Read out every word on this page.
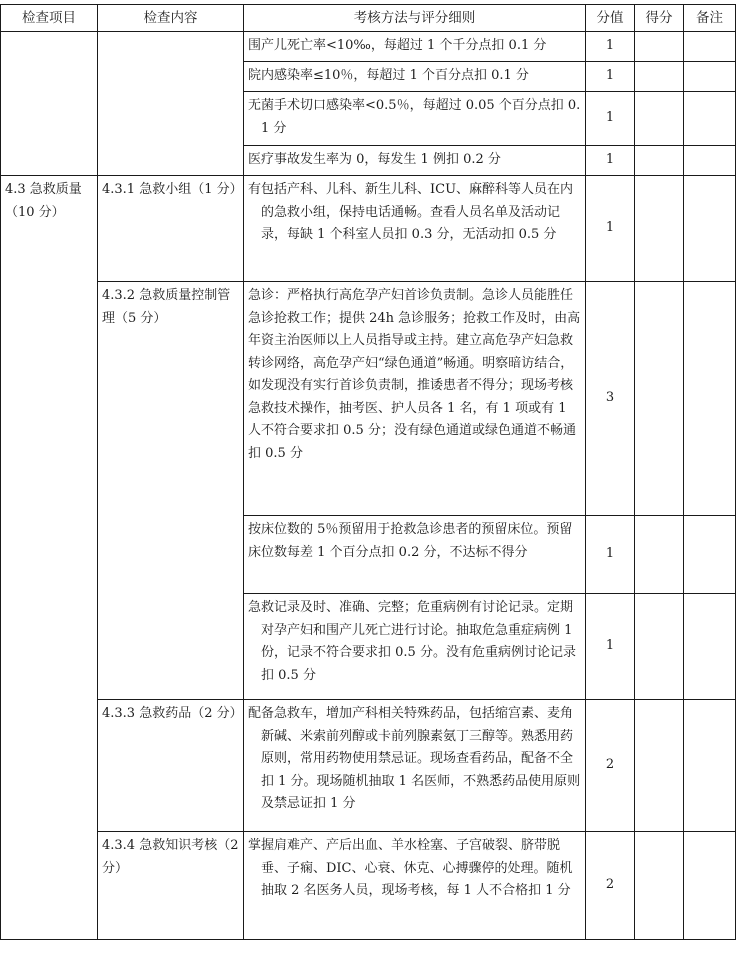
检查项目	检查内容	考核方法与评分细则	分值	得分	备注

		围产儿死亡率<10‰，每超过 1 个千分点扣 0.1 分	1		

		院内感染率≤10％，每超过 1 个百分点扣 0.1 分	1		

		无菌手术切口感染率<0.5％，每超过 0.05 个百分点扣 0.1 分	1		

		医疗事故发生率为 0，每发生 1 例扣 0.2 分	1		
4.3 急救质量 （10 分）	4.3.1 急救小组（1 分）	有包括产科、儿科、新生儿科、ICU、麻醉科等人员在内的急救小组，保持电话通畅。查看人员名单及活动记录，每缺 1 个科室人员扣 0.3 分，无活动扣 0.5 分	1		
	4.3.2 急救质量控制管理（5 分）	急诊：严格执行高危孕产妇首诊负责制。急诊人员能胜任急诊抢救工作；提供 24h 急诊服务；抢救工作及时，由高年资主治医师以上人员指导或主持。建立高危孕产妇急救转诊网络，高危孕产妇“绿色通道”畅通。明察暗访结合，如发现没有实行首诊负责制，推诿患者不得分；现场考核急救技术操作，抽考医、护人员各 1 名，有 1 项或有 1 人不符合要求扣 0.5 分；没有绿色通道或绿色通道不畅通扣 0.5 分	3		

		按床位数的 5％预留用于抢救急诊患者的预留床位。预留床位数每差 1 个百分点扣 0.2 分，不达标不得分	1		

		急救记录及时、准确、完整；危重病例有讨论记录。定期对孕产妇和围产儿死亡进行讨论。抽取危急重症病例 1 份，记录不符合要求扣 0.5 分。没有危重病例讨论记录扣 0.5 分	1		
	4.3.3 急救药品（2 分）	配备急救车，增加产科相关特殊药品，包括缩宫素、麦角新碱、米索前列醇或卡前列腺素氨丁三醇等。熟悉用药原则，常用药物使用禁忌证。现场查看药品，配备不全扣 1 分。现场随机抽取 1 名医师，不熟悉药品使用原则及禁忌证扣 1 分	2		
	4.3.4 急救知识考核（2 分）	掌握肩难产、产后出血、羊水栓塞、子宫破裂、脐带脱垂、子痫、DIC、心衰、休克、心搏骤停的处理。随机抽取 2 名医务人员，现场考核，每 1 人不合格扣 1 分	2		
